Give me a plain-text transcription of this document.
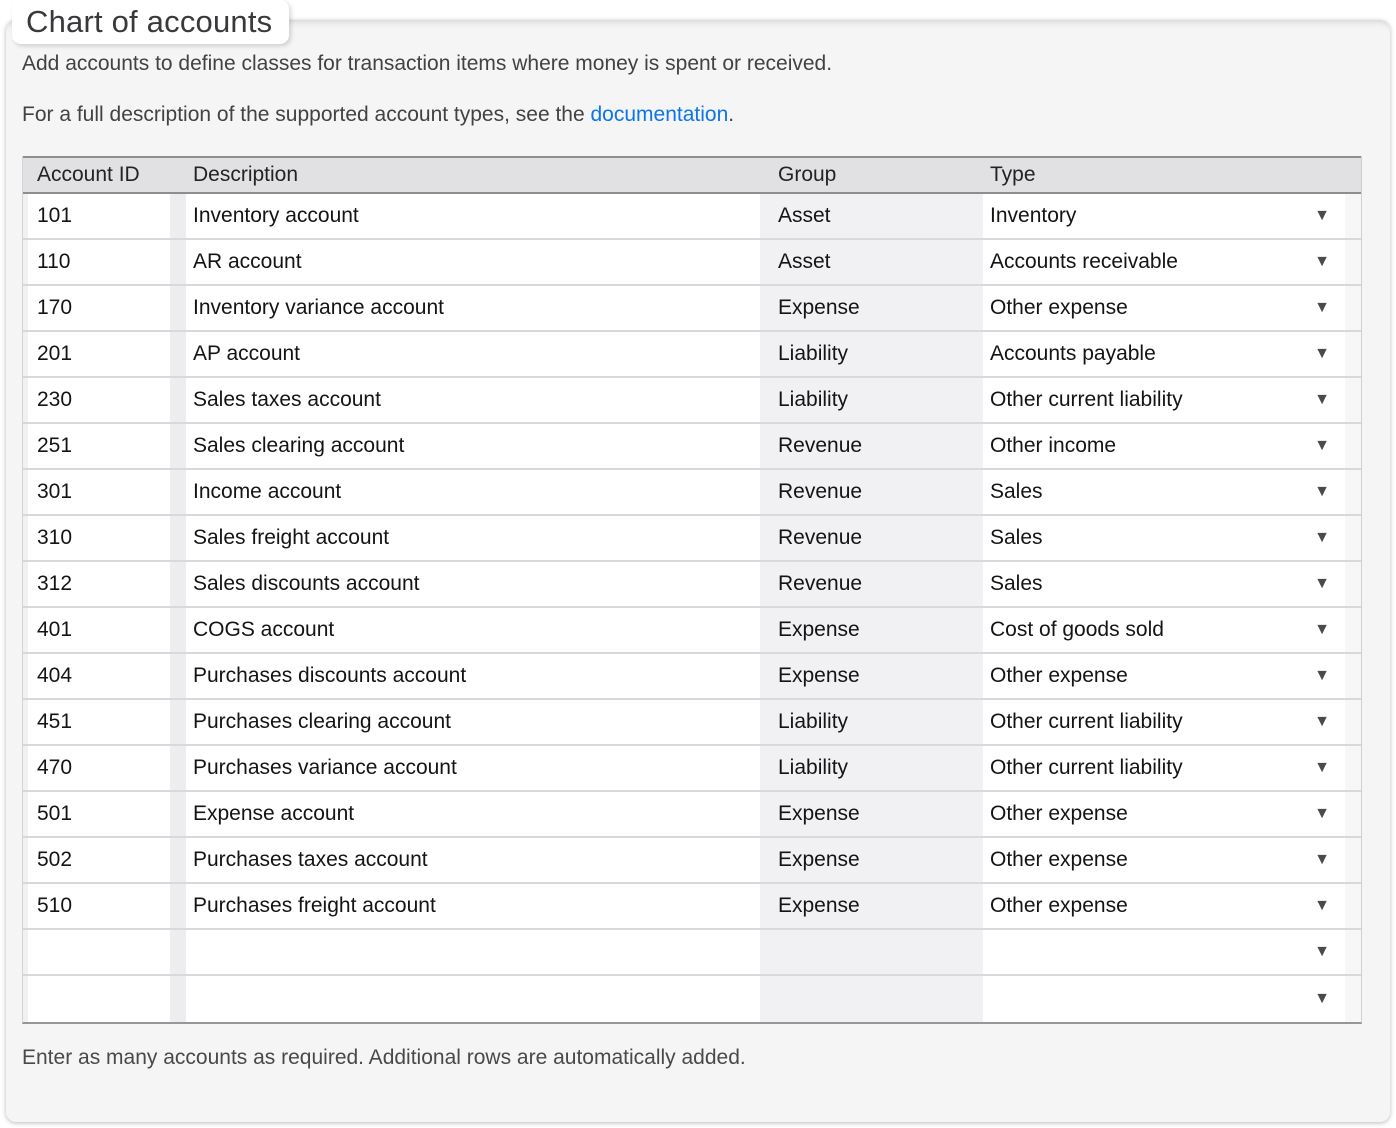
Chart of accounts
Add accounts to define classes for transaction items where money is spent or received.
For a full description of the supported account types, see the documentation.
Account ID	Description	Group	Type
101	Inventory account	Asset	Inventory	▼
110	AR account	Asset	Accounts receivable	▼
170	Inventory variance account	Expense	Other expense	▼
201	AP account	Liability	Accounts payable	▼
230	Sales taxes account	Liability	Other current liability	▼
251	Sales clearing account	Revenue	Other income	▼
301	Income account	Revenue	Sales	▼
310	Sales freight account	Revenue	Sales	▼
312	Sales discounts account	Revenue	Sales	▼
401	COGS account	Expense	Cost of goods sold	▼
404	Purchases discounts account	Expense	Other expense	▼
451	Purchases clearing account	Liability	Other current liability	▼
470	Purchases variance account	Liability	Other current liability	▼
501	Expense account	Expense	Other expense	▼
502	Purchases taxes account	Expense	Other expense	▼
510	Purchases freight account	Expense	Other expense	▼
▼
▼
Enter as many accounts as required. Additional rows are automatically added.
